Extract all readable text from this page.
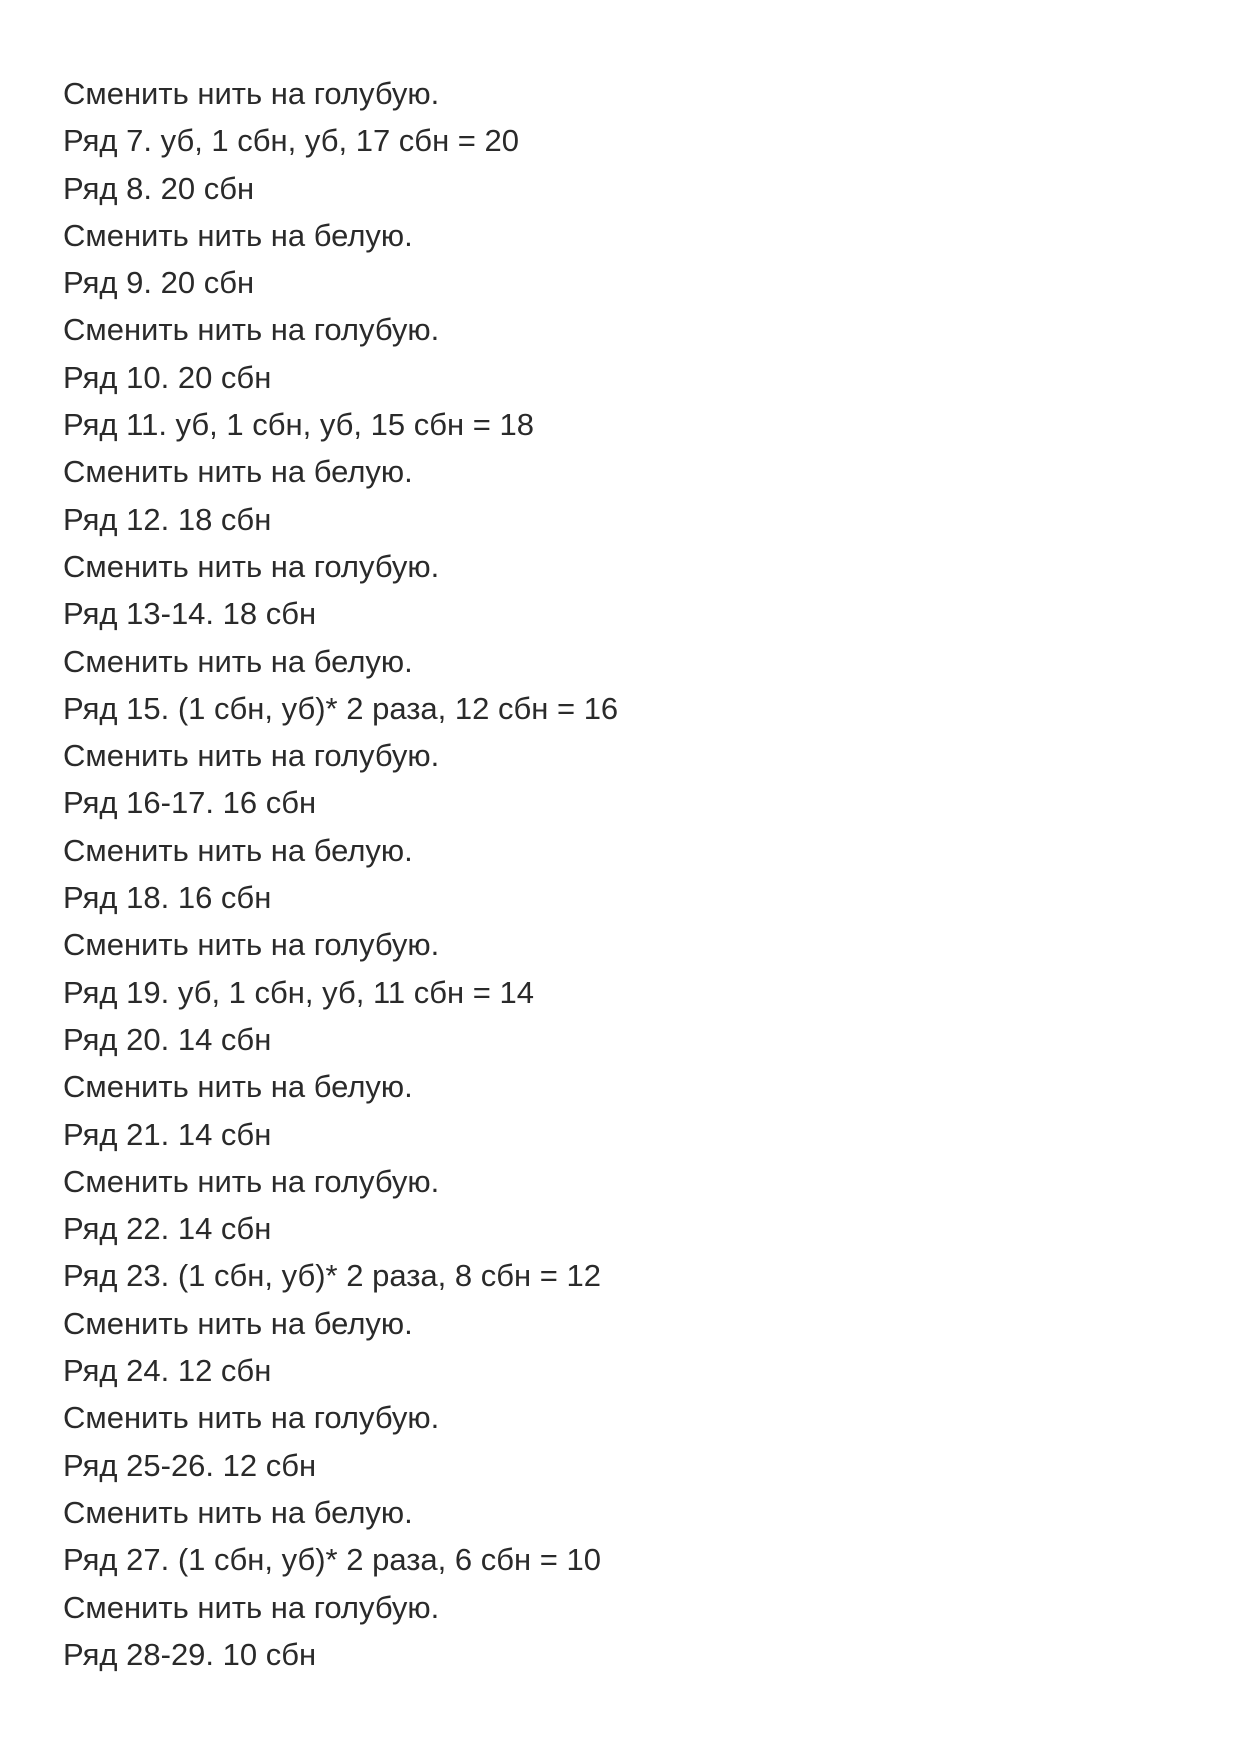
Сменить нить на голубую.
Ряд 7. уб, 1 сбн, уб, 17 сбн = 20
Ряд 8. 20 сбн
Сменить нить на белую.
Ряд 9. 20 сбн
Сменить нить на голубую.
Ряд 10. 20 сбн
Ряд 11. уб, 1 сбн, уб, 15 сбн = 18
Сменить нить на белую.
Ряд 12. 18 сбн
Сменить нить на голубую.
Ряд 13-14. 18 сбн
Сменить нить на белую.
Ряд 15. (1 сбн, уб)* 2 раза, 12 сбн = 16
Сменить нить на голубую.
Ряд 16-17. 16 сбн
Сменить нить на белую.
Ряд 18. 16 сбн
Сменить нить на голубую.
Ряд 19. уб, 1 сбн, уб, 11 сбн = 14
Ряд 20. 14 сбн
Сменить нить на белую.
Ряд 21. 14 сбн
Сменить нить на голубую.
Ряд 22. 14 сбн
Ряд 23. (1 сбн, уб)* 2 раза, 8 сбн = 12
Сменить нить на белую.
Ряд 24. 12 сбн
Сменить нить на голубую.
Ряд 25-26. 12 сбн
Сменить нить на белую.
Ряд 27. (1 сбн, уб)* 2 раза, 6 сбн = 10
Сменить нить на голубую.
Ряд 28-29. 10 сбн
